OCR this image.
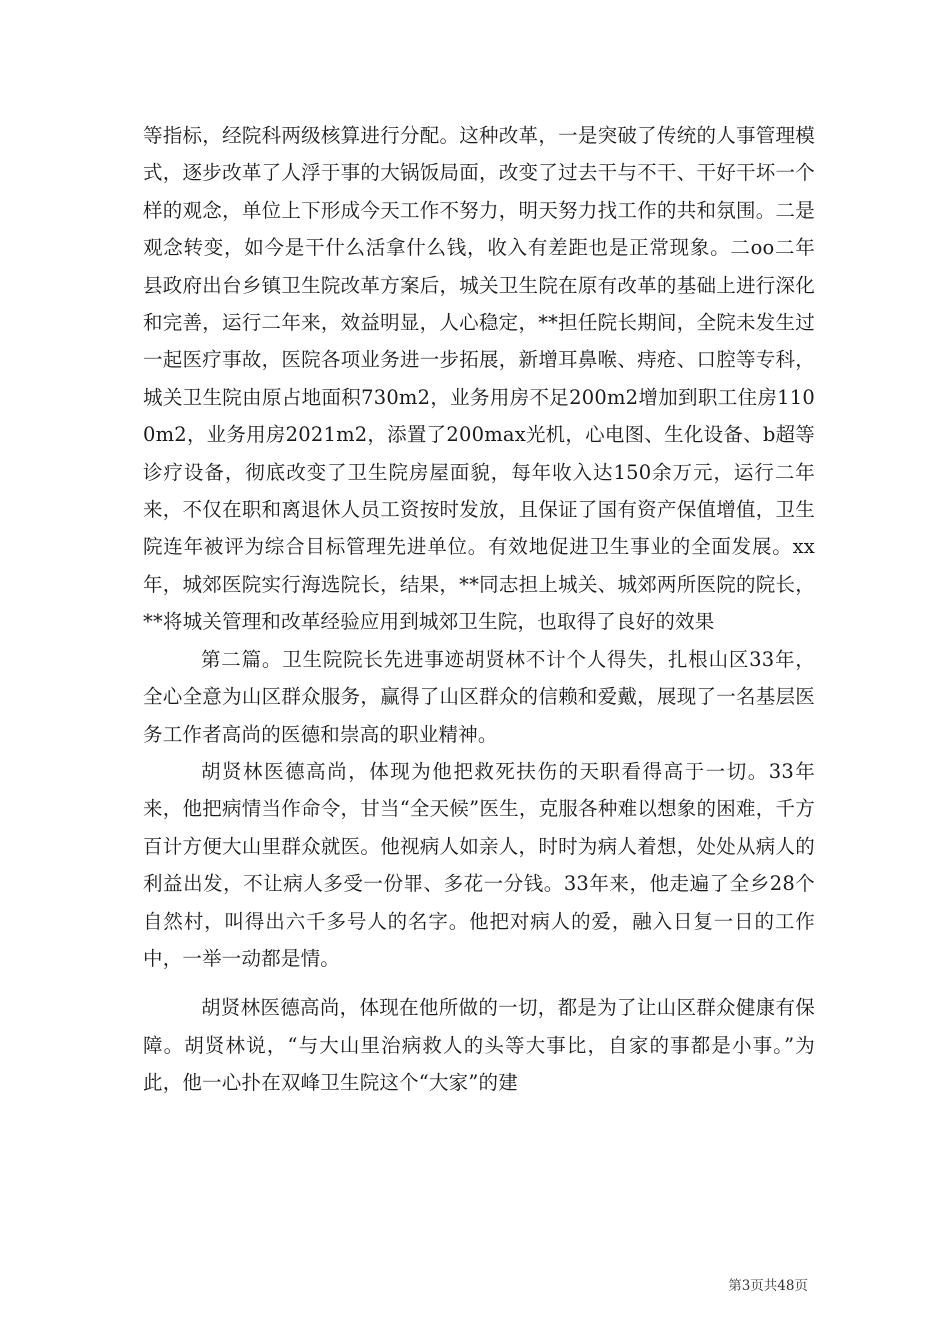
等指标，经院科两级核算进行分配。这种改革，一是突破了传统的人事管理模式，逐步改革了人浮于事的大锅饭局面，改变了过去干与不干、干好干坏一个样的观念，单位上下形成今天工作不努力，明天努力找工作的共和氛围。二是观念转变，如今是干什么活拿什么钱，收入有差距也是正常现象。二oo二年县政府出台乡镇卫生院改革方案后，城关卫生院在原有改革的基础上进行深化和完善，运行二年来，效益明显，人心稳定，**担任院长期间，全院未发生过一起医疗事故，医院各项业务进一步拓展，新增耳鼻喉、痔疮、口腔等专科，城关卫生院由原占地面积730m2，业务用房不足200m2增加到职工住房1100m2，业务用房2021m2，添置了200max光机，心电图、生化设备、b超等诊疗设备，彻底改变了卫生院房屋面貌，每年收入达150余万元，运行二年来，不仅在职和离退休人员工资按时发放，且保证了国有资产保值增值，卫生院连年被评为综合目标管理先进单位。有效地促进卫生事业的全面发展。xx年，城郊医院实行海选院长，结果，**同志担上城关、城郊两所医院的院长，**将城关管理和改革经验应用到城郊卫生院，也取得了良好的效果

第二篇。卫生院院长先进事迹胡贤林不计个人得失，扎根山区33年，全心全意为山区群众服务，赢得了山区群众的信赖和爱戴，展现了一名基层医务工作者高尚的医德和崇高的职业精神。

胡贤林医德高尚，体现为他把救死扶伤的天职看得高于一切。33年来，他把病情当作命令，甘当“全天候”医生，克服各种难以想象的困难，千方百计方便大山里群众就医。他视病人如亲人，时时为病人着想，处处从病人的利益出发，不让病人多受一份罪、多花一分钱。33年来，他走遍了全乡28个自然村，叫得出六千多号人的名字。他把对病人的爱，融入日复一日的工作中，一举一动都是情。

胡贤林医德高尚，体现在他所做的一切，都是为了让山区群众健康有保障。胡贤林说，“与大山里治病救人的头等大事比，自家的事都是小事。”为此，他一心扑在双峰卫生院这个“大家”的建

第3页共48页
